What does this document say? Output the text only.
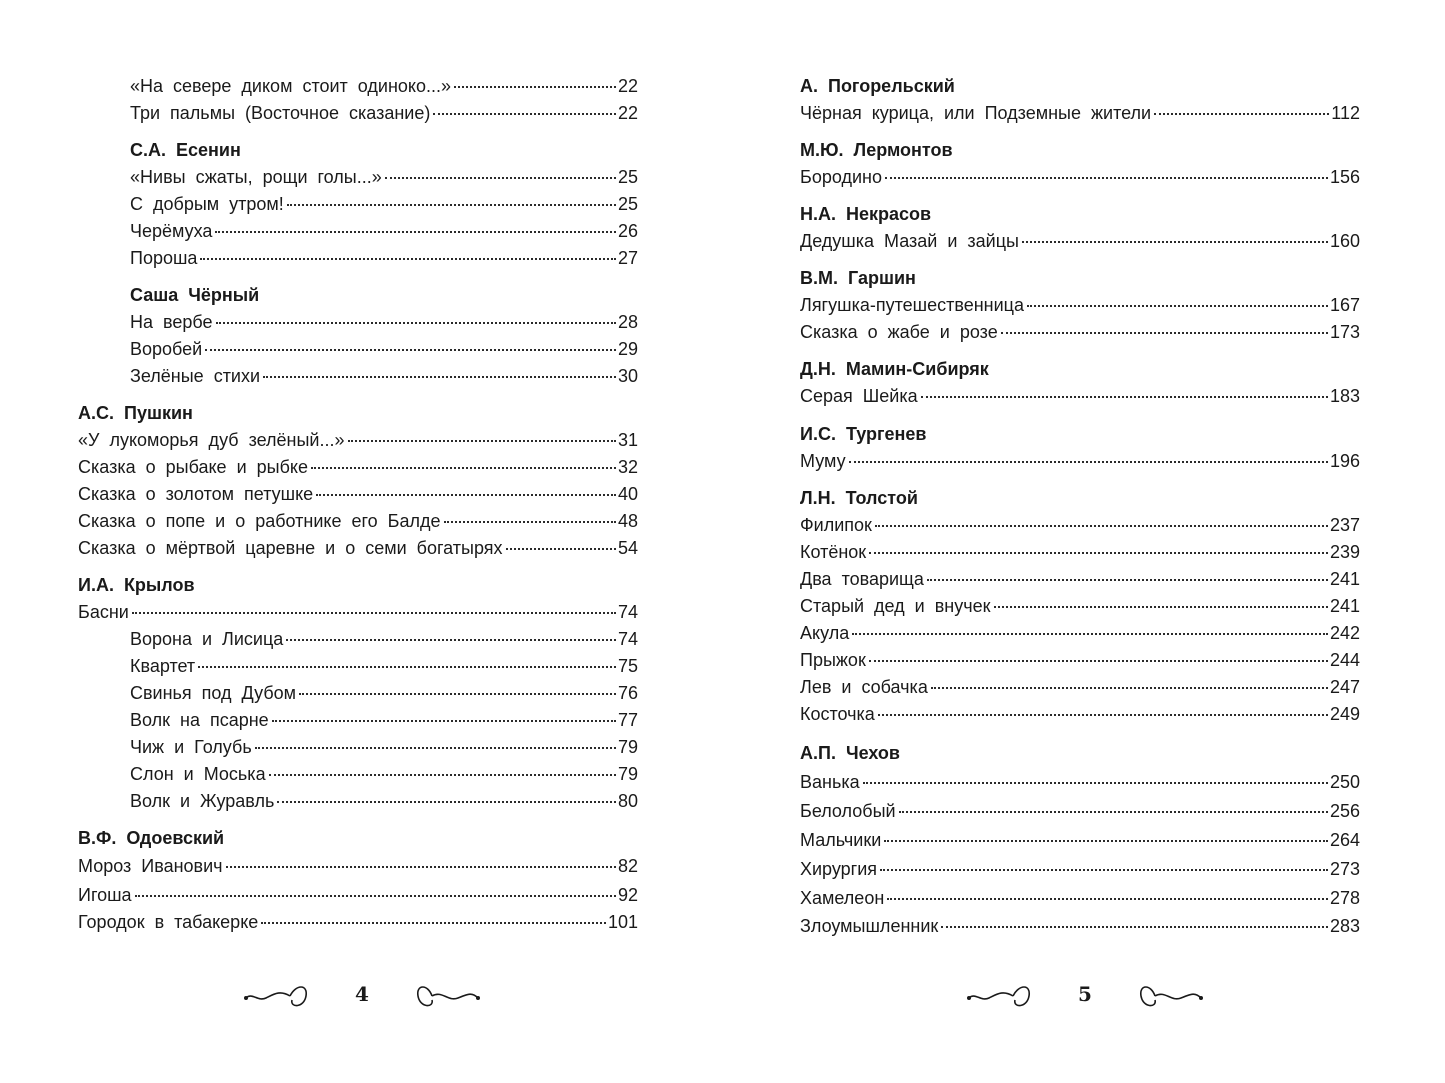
«На севере диком стоит одиноко...»	22
Три пальмы (Восточное сказание)	22
С.А. Есенин
«Нивы сжаты, рощи голы...»	25
С добрым утром!	25
Черёмуха	26
Пороша	27
Саша Чёрный
На вербе	28
Воробей	29
Зелёные стихи	30
А.С. Пушкин
«У лукоморья дуб зелёный...»	31
Сказка о рыбаке и рыбке	32
Сказка о золотом петушке	40
Сказка о попе и о работнике его Балде	48
Сказка о мёртвой царевне и о семи богатырях	54
И.А. Крылов
Басни	74
Ворона и Лисица	74
Квартет	75
Свинья под Дубом	76
Волк на псарне	77
Чиж и Голубь	79
Слон и Моська	79
Волк и Журавль	80
В.Ф. Одоевский
Мороз Иванович	82
Игоша	92
Городок в табакерке	101
4
А. Погорельский
Чёрная курица, или Подземные жители	112
М.Ю. Лермонтов
Бородино	156
Н.А. Некрасов
Дедушка Мазай и зайцы	160
В.М. Гаршин
Лягушка-путешественница	167
Сказка о жабе и розе	173
Д.Н. Мамин-Сибиряк
Серая Шейка	183
И.С. Тургенев
Муму	196
Л.Н. Толстой
Филипок	237
Котёнок	239
Два товарища	241
Старый дед и внучек	241
Акула	242
Прыжок	244
Лев и собачка	247
Косточка	249
А.П. Чехов
Ванька	250
Белолобый	256
Мальчики	264
Хирургия	273
Хамелеон	278
Злоумышленник	283
5
